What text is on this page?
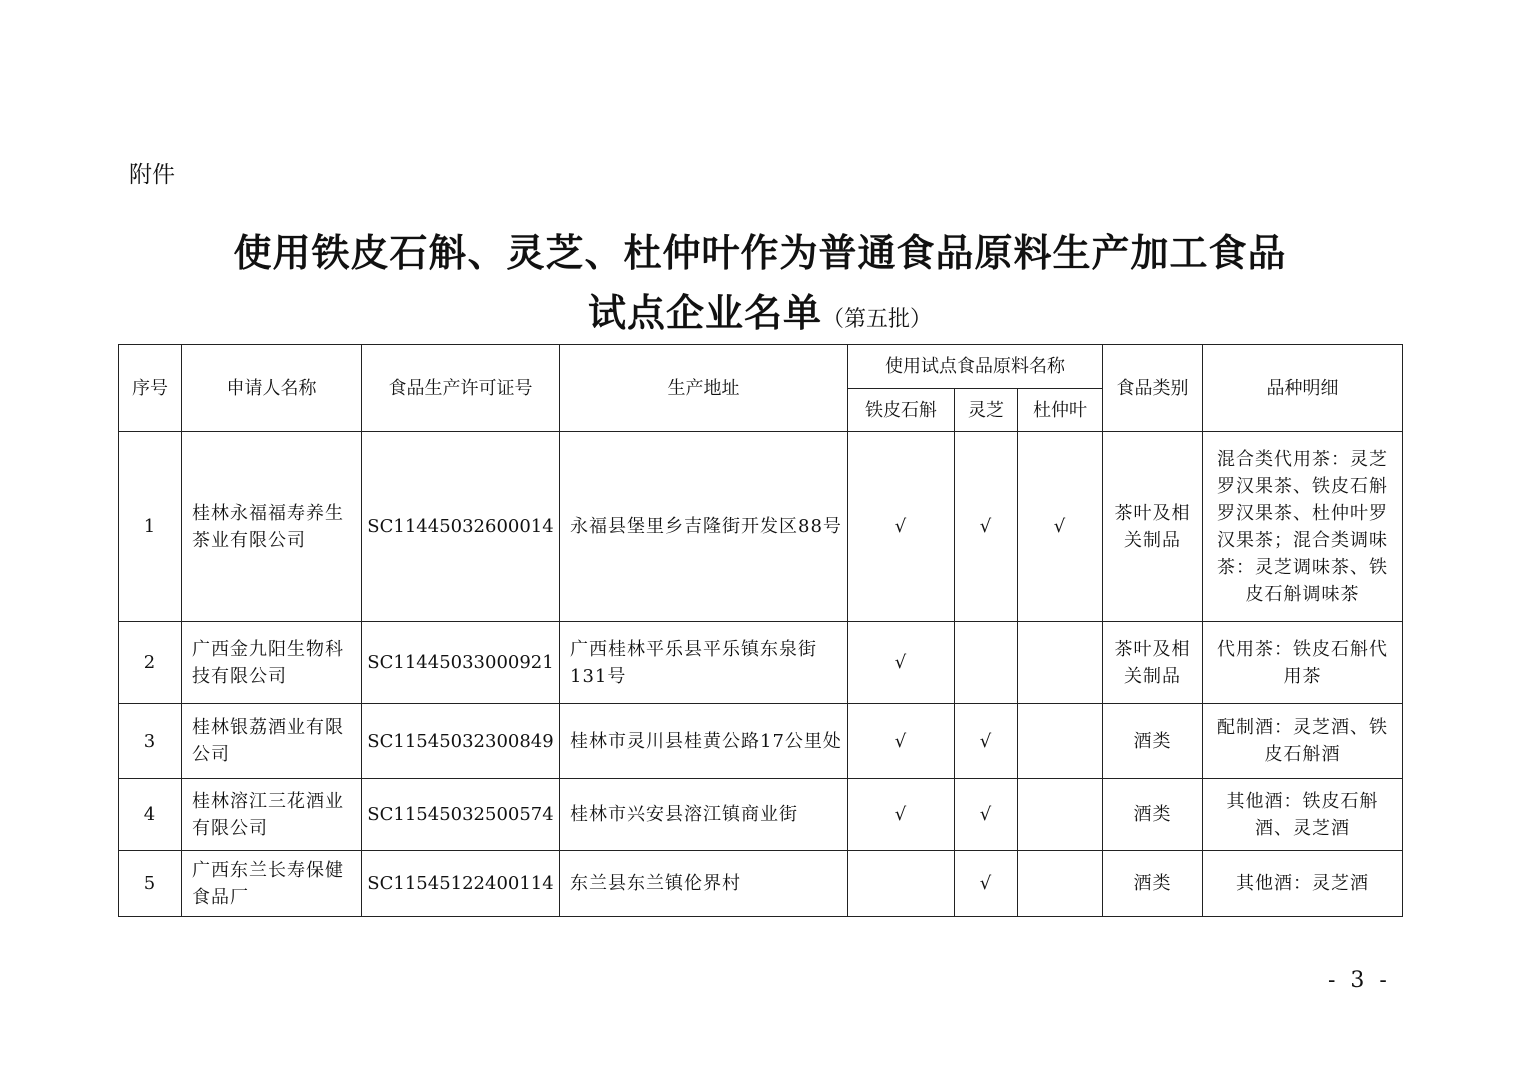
附件
使用铁皮石斛、灵芝、杜仲叶作为普通食品原料生产加工食品
试点企业名单（第五批）
序号	申请人名称	食品生产许可证号	生产地址	使用试点食品原料名称			食品类别	品种明细
				铁皮石斛	灵芝	杜仲叶		
1	桂林永福福寿养生茶业有限公司	SC11445032600014	永福县堡里乡吉隆街开发区88号	√	√	√	茶叶及相关制品	混合类代用茶：灵芝罗汉果茶、铁皮石斛罗汉果茶、杜仲叶罗汉果茶；混合类调味茶：灵芝调味茶、铁皮石斛调味茶
2	广西金九阳生物科技有限公司	SC11445033000921	广西桂林平乐县平乐镇东泉街131号	√			茶叶及相关制品	代用茶：铁皮石斛代用茶
3	桂林银荔酒业有限公司	SC11545032300849	桂林市灵川县桂黄公路17公里处	√	√		酒类	配制酒：灵芝酒、铁皮石斛酒
4	桂林溶江三花酒业有限公司	SC11545032500574	桂林市兴安县溶江镇商业街	√	√		酒类	其他酒：铁皮石斛酒、灵芝酒
5	广西东兰长寿保健食品厂	SC11545122400114	东兰县东兰镇伦界村		√		酒类	其他酒：灵芝酒
- 3 -
